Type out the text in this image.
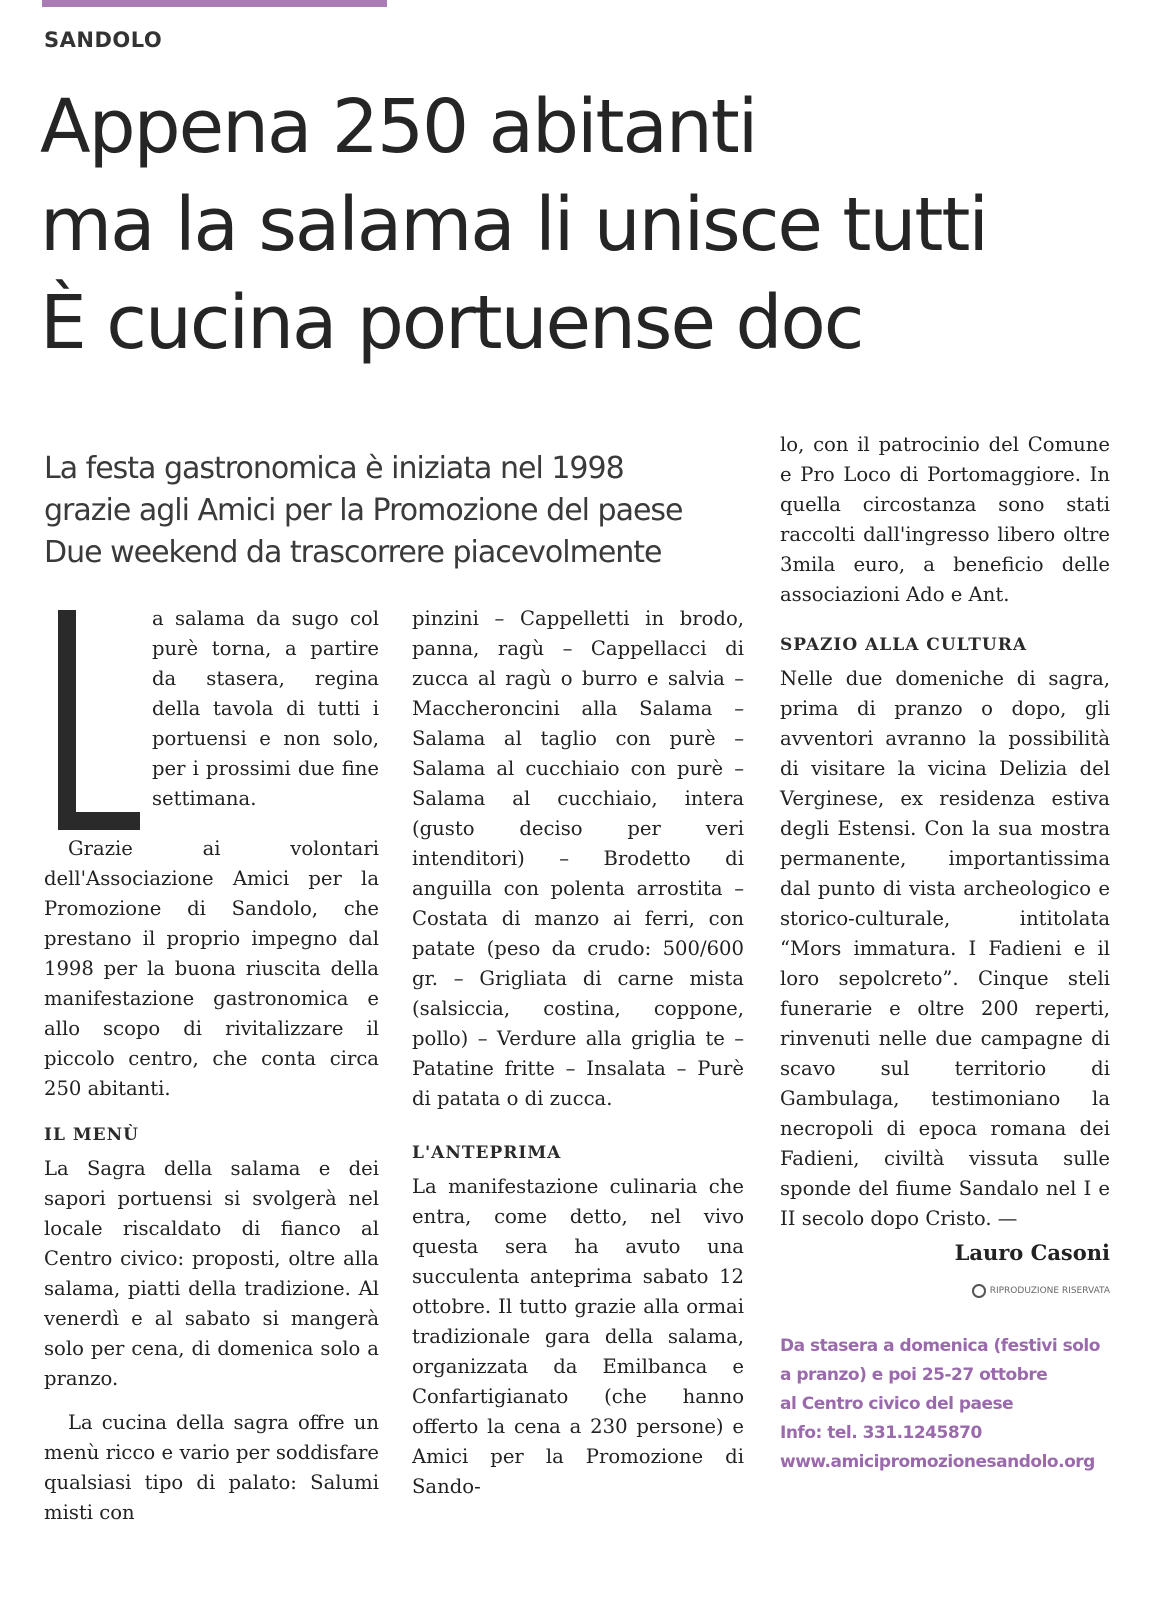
SANDOLO
Appena 250 abitanti
ma la salama li unisce tutti
È cucina portuense doc
La festa gastronomica è iniziata nel 1998
grazie agli Amici per la Promozione del paese
Due weekend da trascorrere piacevolmente

a salama da sugo col purè torna, a partire da stasera, regina della tavola di tutti i portuensi e non solo, per i prossimi due fine settimana.

Grazie ai volontari dell'Associazione Amici per la Promozione di Sandolo, che prestano il proprio impegno dal 1998 per la buona riuscita della manifestazione gastronomica e allo scopo di rivitalizzare il piccolo centro, che conta circa 250 abitanti.

IL MENÙ

La Sagra della salama e dei sapori portuensi si svolgerà nel locale riscaldato di fianco al Centro civico: proposti, oltre alla salama, piatti della tradizione. Al venerdì e al sabato si mangerà solo per cena, di domenica solo a pranzo.

La cucina della sagra offre un menù ricco e vario per soddisfare qualsiasi tipo di palato: Salumi misti con

pinzini – Cappelletti in brodo, panna, ragù – Cappellacci di zucca al ragù o burro e salvia – Maccheroncini alla Salama – Salama al taglio con purè – Salama al cucchiaio con purè – Salama al cucchiaio, intera (gusto deciso per veri intenditori) – Brodetto di anguilla con polenta arrostita – Costata di manzo ai ferri, con patate (peso da crudo: 500/600 gr. – Grigliata di carne mista (salsiccia, costina, coppone, pollo) – Verdure alla griglia te – Patatine fritte – Insalata – Purè di patata o di zucca.

L'ANTEPRIMA

La manifestazione culinaria che entra, come detto, nel vivo questa sera ha avuto una succulenta anteprima sabato 12 ottobre. Il tutto grazie alla ormai tradizionale gara della salama, organizzata da Emilbanca e Confartigianato (che hanno offerto la cena a 230 persone) e Amici per la Promozione di Sando-

lo, con il patrocinio del Comune e Pro Loco di Portomaggiore. In quella circostanza sono stati raccolti dall'ingresso libero oltre 3mila euro, a beneficio delle associazioni Ado e Ant.

SPAZIO ALLA CULTURA

Nelle due domeniche di sagra, prima di pranzo o dopo, gli avventori avranno la possibilità di visitare la vicina Delizia del Verginese, ex residenza estiva degli Estensi. Con la sua mostra permanente, importantissima dal punto di vista archeologico e storico-culturale, intitolata “Mors immatura. I Fadieni e il loro sepolcreto”. Cinque steli funerarie e oltre 200 reperti, rinvenuti nelle due campagne di scavo sul territorio di Gambulaga, testimoniano la necropoli di epoca romana dei Fadieni, civiltà vissuta sulle sponde del fiume Sandalo nel I e II secolo dopo Cristo. —

Lauro Casoni
RIPRODUZIONE RISERVATA
Da stasera a domenica (festivi solo
a pranzo) e poi 25-27 ottobre
al Centro civico del paese
Info: tel. 331.1245870
www.amicipromozionesandolo.org
